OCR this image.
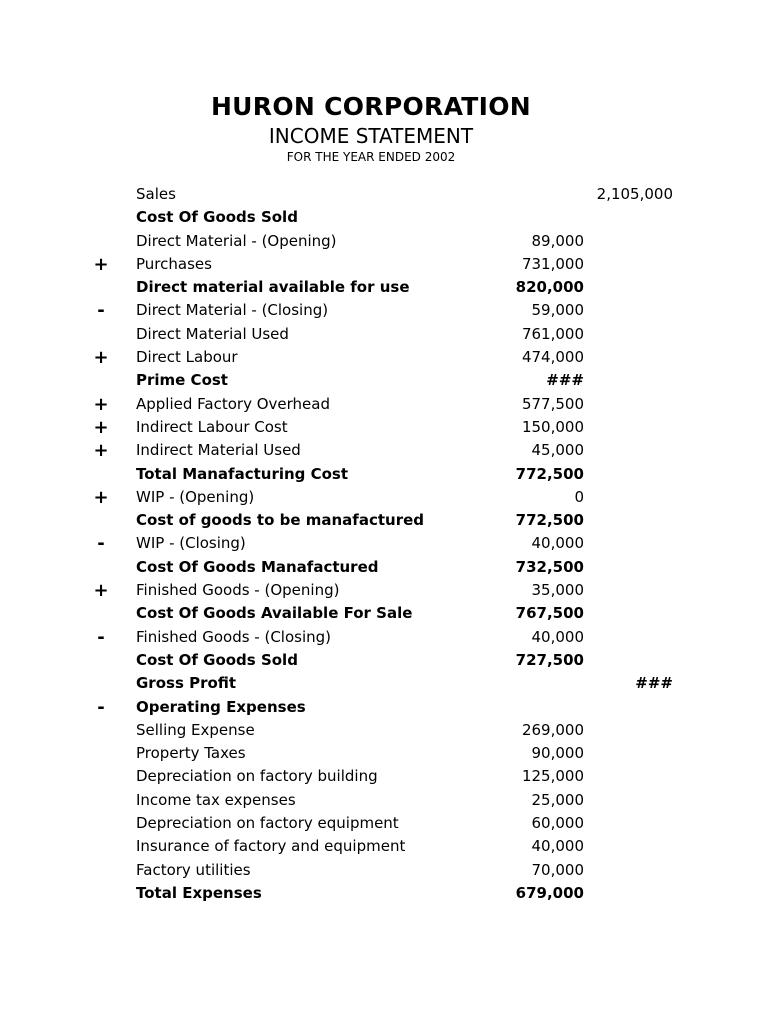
HURON CORPORATION
INCOME STATEMENT
FOR THE YEAR ENDED 2002
Sales	2,105,000
Cost Of Goods Sold
Direct Material - (Opening)	89,000
+ Purchases	731,000
Direct material available for use	820,000
-	Direct Material - (Closing)	59,000
Direct Material Used	761,000
+ Direct Labour	474,000
Prime Cost	###
+ Applied Factory Overhead	577,500
+ Indirect Labour Cost	150,000
+ Indirect Material Used	45,000
Total Manafacturing Cost	772,500
+ WIP - (Opening)	0
Cost of goods to be manafactured	772,500
-	WIP - (Closing)	40,000
Cost Of Goods Manafactured	732,500
+ Finished Goods - (Opening)	35,000
Cost Of Goods Available For Sale	767,500
-	Finished Goods - (Closing)	40,000
Cost Of Goods Sold	727,500
Gross Profit	###
-	Operating Expenses
Selling Expense	269,000
Property Taxes	90,000
Depreciation on factory building	125,000
Income tax expenses	25,000
Depreciation on factory equipment	60,000
Insurance of factory and equipment	40,000
Factory utilities	70,000
Total Expenses	679,000
